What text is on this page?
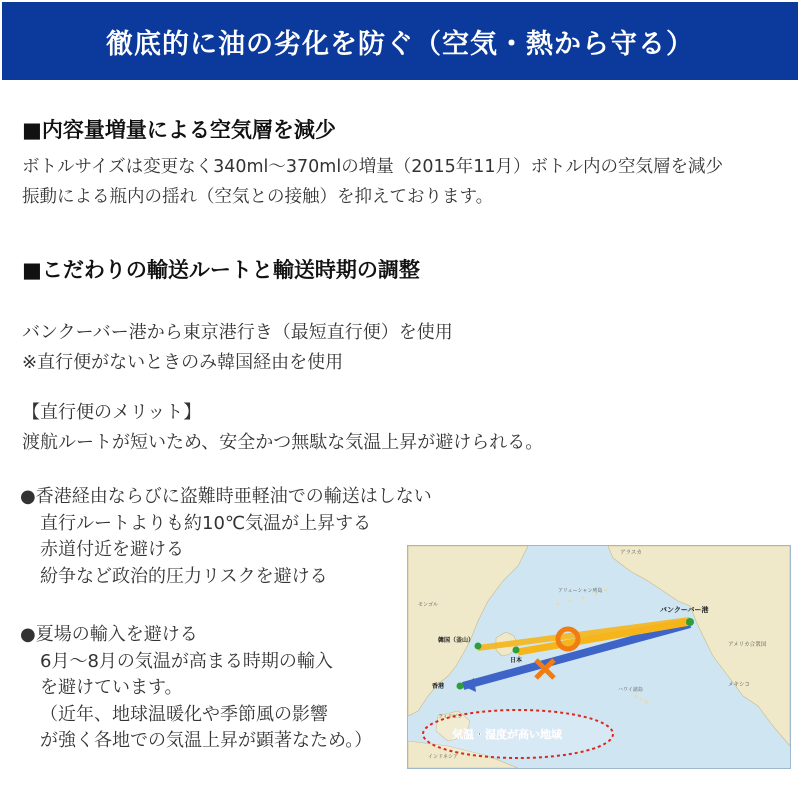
徹底的に油の劣化を防ぐ（空気・熱から守る）
■内容量増量による空気層を減少
ボトルサイズは変更なく340ml～370mlの増量（2015年11月）ボトル内の空気層を減少
振動による瓶内の揺れ（空気との接触）を抑えております。
■こだわりの輸送ルートと輸送時期の調整
バンクーバー港から東京港行き（最短直行便）を使用
※直行便がないときのみ韓国経由を使用
【直行便のメリット】
渡航ルートが短いため、安全かつ無駄な気温上昇が避けられる。
●香港経由ならびに盗難時亜軽油での輸送はしない
直行ルートよりも約10℃気温が上昇する
赤道付近を避ける
紛争など政治的圧力リスクを避ける
●夏場の輸入を避ける
6月～8月の気温が高まる時期の輸入
を避けています。
（近年、地球温暖化や季節風の影響
が強く各地での気温上昇が顕著なため。）
バンクーバー港
韓国（釜山）
日本
香港
気温・湿度が高い地域
アラスカ
アメリカ合衆国
メキシコ
ハワイ諸島
アリューシャン列島
モンゴル
フィリピン
インドネシア
